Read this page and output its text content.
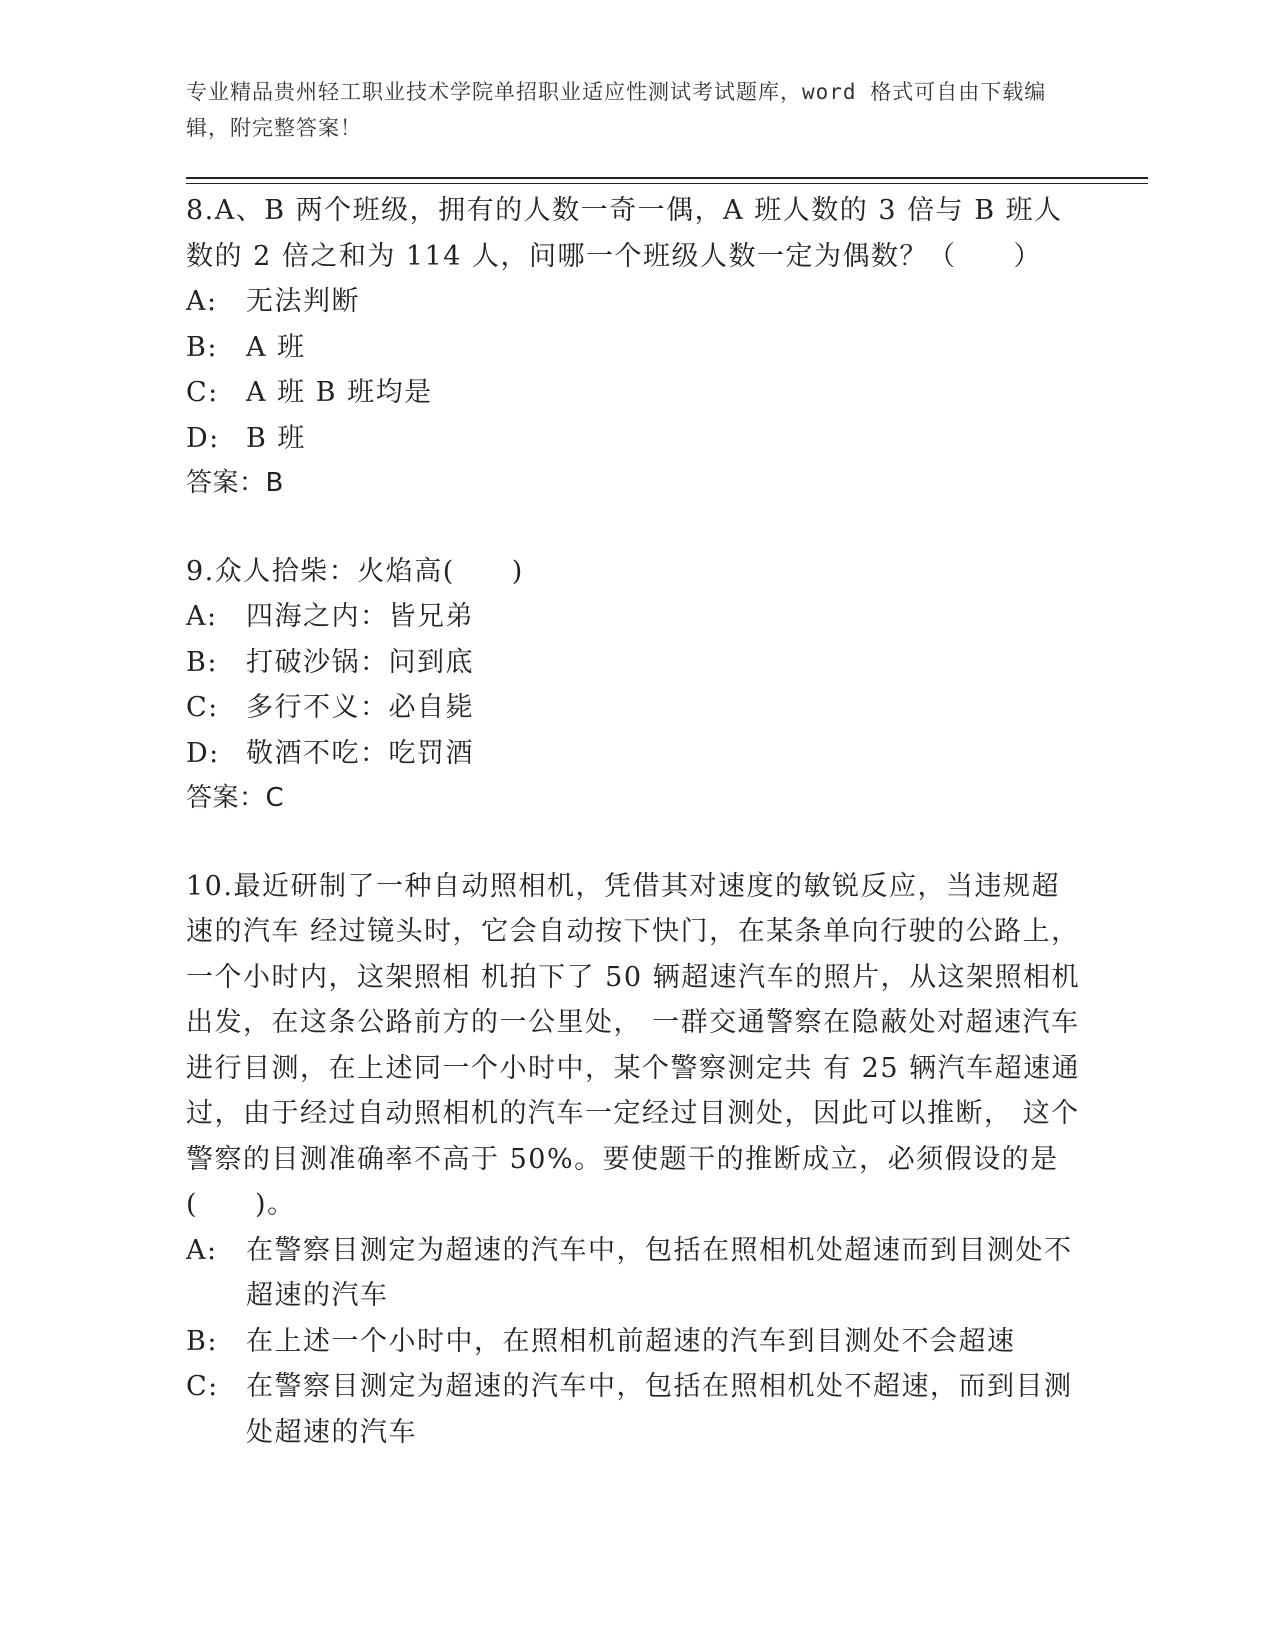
专业精品贵州轻工职业技术学院单招职业适应性测试考试题库，word 格式可自由下载编辑，附完整答案！

8.A、B 两个班级，拥有的人数一奇一偶，A 班人数的 3 倍与 B 班人数的 2 倍之和为 114 人，问哪一个班级人数一定为偶数？（　　）

A: 无法判断

B: A 班

C: A 班 B 班均是

D: B 班

答案：B

9.众人拾柴：火焰高(　　)

A: 四海之内：皆兄弟

B: 打破沙锅：问到底

C: 多行不义：必自毙

D: 敬酒不吃：吃罚酒

答案：C

10.最近研制了一种自动照相机，凭借其对速度的敏锐反应，当违规超速的汽车 经过镜头时，它会自动按下快门，在某条单向行驶的公路上， 一个小时内，这架照相 机拍下了 50 辆超速汽车的照片，从这架照相机出发，在这条公路前方的一公里处， 一群交通警察在隐蔽处对超速汽车进行目测，在上述同一个小时中，某个警察测定共 有 25 辆汽车超速通过，由于经过自动照相机的汽车一定经过目测处，因此可以推断， 这个警察的目测准确率不高于 50%。要使题干的推断成立，必须假设的是(　　)。

A: 在警察目测定为超速的汽车中，包括在照相机处超速而到目测处不超速的汽车

B: 在上述一个小时中，在照相机前超速的汽车到目测处不会超速

C: 在警察目测定为超速的汽车中，包括在照相机处不超速，而到目测处超速的汽车
